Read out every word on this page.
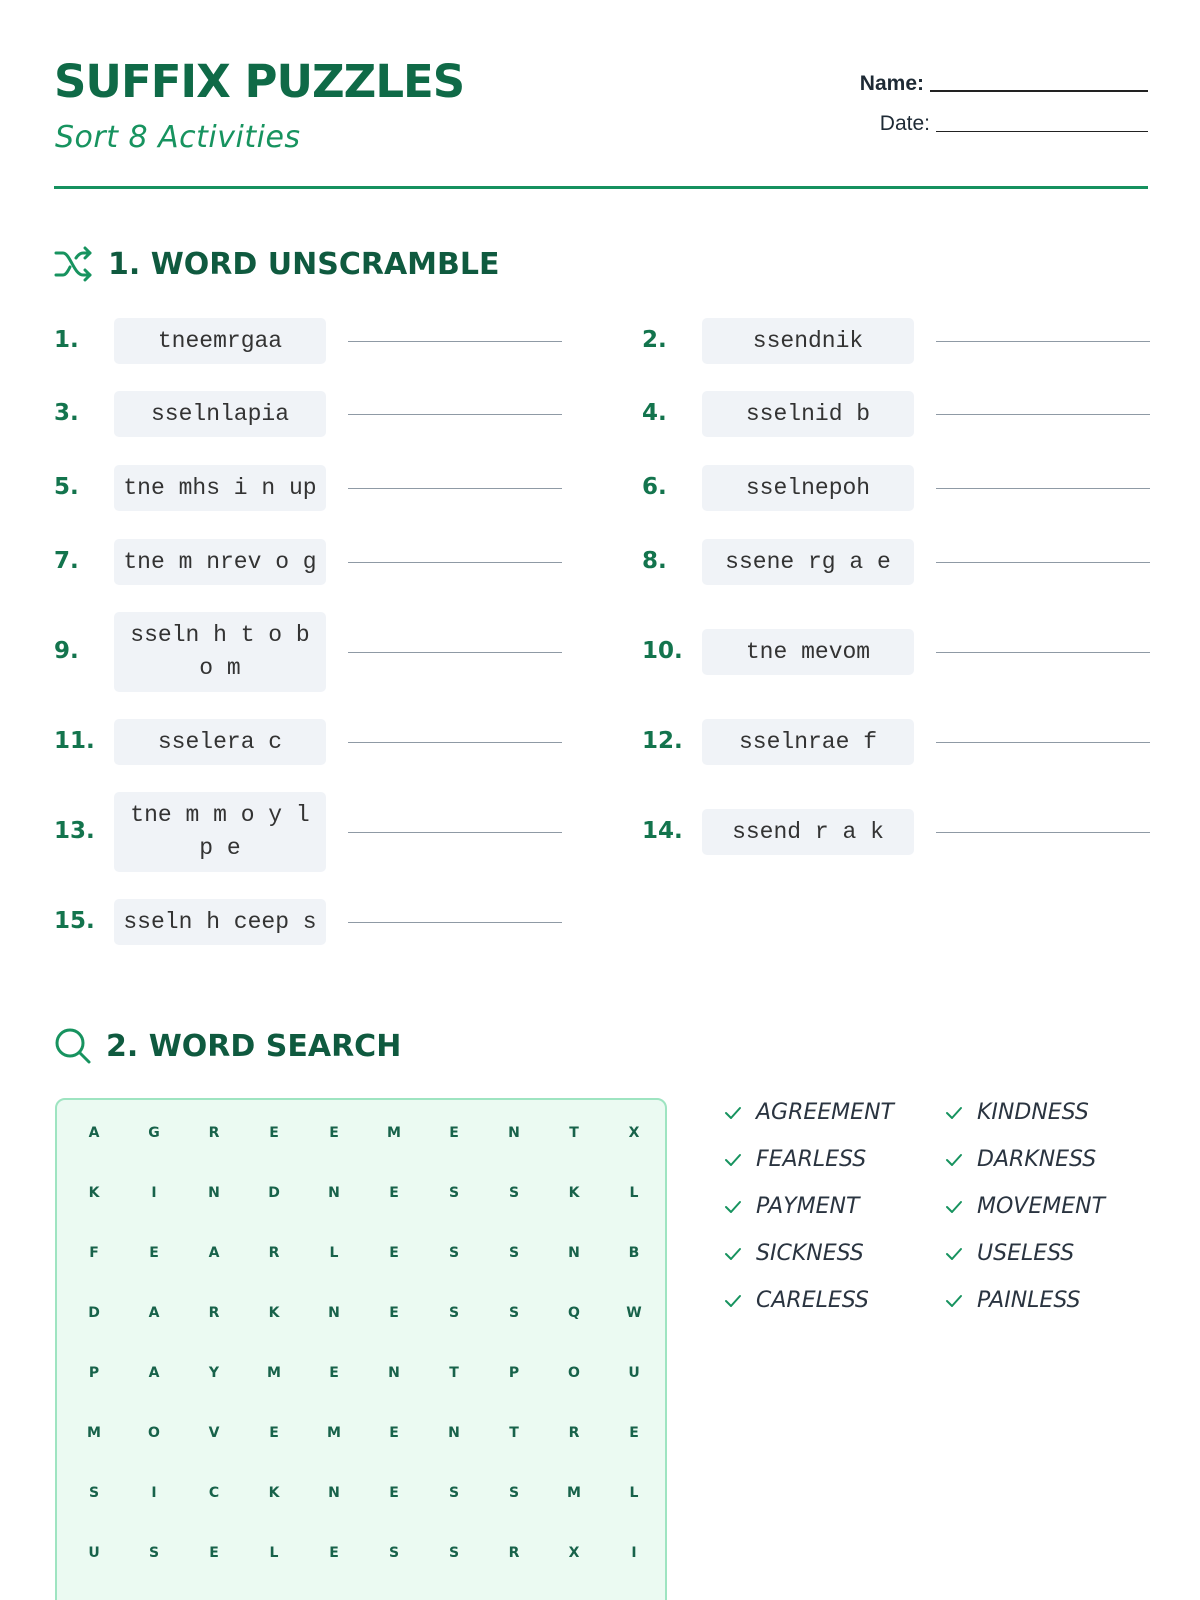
SUFFIX PUZZLES
Sort 8 Activities
Name:
Date:
1. WORD UNSCRAMBLE
1.	tneemrgaa	2.	ssendnik
3.	sselnlapia	4.	sselnid b
5.	tne mhs i n up	6.	sselnepoh
7.	tne m nrev o g	8.	ssene rg a e
9.
sseln h t o b o m
10.	tne mevom
11.	sselera c	12.	sselnrae f
13.
tne m m o y l p e
14.	ssend r a k
15.	sseln h ceep s
2. WORD SEARCH
A	G	R	E	E	M	E	N	T	X
K	I	N	D	N	E	S	S	K	L
F	E	A	R	L	E	S	S	N	B
D	A	R	K	N	E	S	S	Q	W
P	A	Y	M	E	N	T	P	O	U
M	O	V	E	M	E	N	T	R	E
S	I	C	K	N	E	S	S	M	L
U	S	E	L	E	S	S	R	X	I
AGREEMENT	KINDNESS
FEARLESS	DARKNESS
PAYMENT	MOVEMENT
SICKNESS	USELESS
CARELESS	PAINLESS
